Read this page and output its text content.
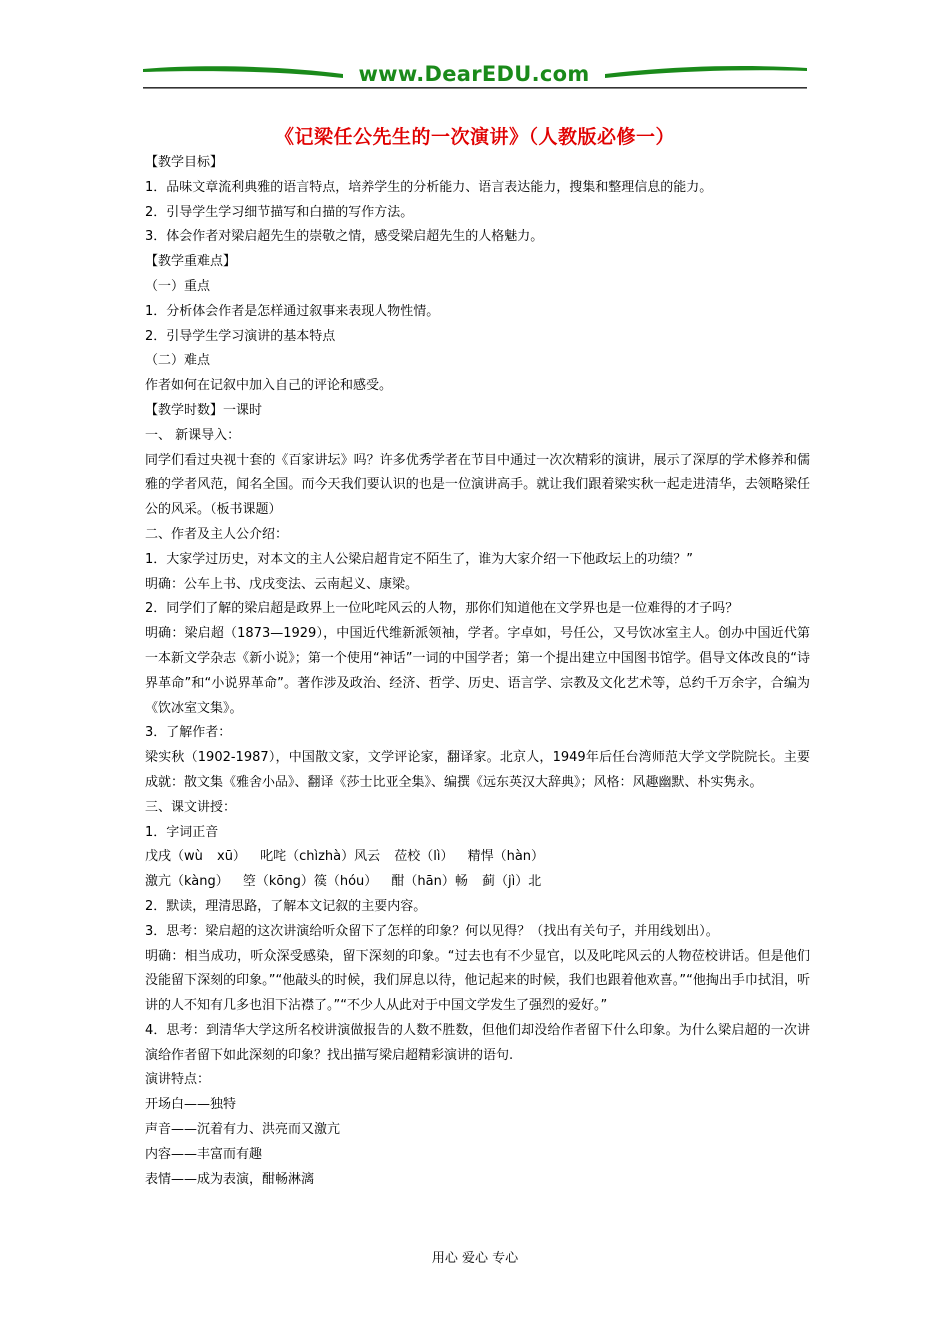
www.DearEDU.com
《记梁任公先生的一次演讲》（人教版必修一）

【教学目标】

1．品味文章流利典雅的语言特点，培养学生的分析能力、语言表达能力，搜集和整理信息的能力。

2．引导学生学习细节描写和白描的写作方法。

3．体会作者对梁启超先生的崇敬之情，感受梁启超先生的人格魅力。

【教学重难点】

（一）重点

1．分析体会作者是怎样通过叙事来表现人物性情。

2．引导学生学习演讲的基本特点

（二）难点

作者如何在记叙中加入自己的评论和感受。

【教学时数】一课时

一、 新课导入：

同学们看过央视十套的《百家讲坛》吗？许多优秀学者在节目中通过一次次精彩的演讲，展示了深厚的学术修养和儒雅的学者风范，闻名全国。而今天我们要认识的也是一位演讲高手。就让我们跟着梁实秋一起走进清华，去领略梁任公的风采。（板书课题）

二、作者及主人公介绍：

1．大家学过历史，对本文的主人公梁启超肯定不陌生了，谁为大家介绍一下他政坛上的功绩？”

明确：公车上书、戊戌变法、云南起义、康梁。

2．同学们了解的梁启超是政界上一位叱咤风云的人物，那你们知道他在文学界也是一位难得的才子吗？

明确：梁启超（1873—1929），中国近代维新派领袖，学者。字卓如，号任公，又号饮冰室主人。创办中国近代第一本新文学杂志《新小说》；第一个使用“神话”一词的中国学者；第一个提出建立中国图书馆学。倡导文体改良的“诗界革命”和“小说界革命”。著作涉及政治、经济、哲学、历史、语言学、宗教及文化艺术等，总约千万余字，合编为《饮冰室文集》。

3．了解作者：

梁实秋（1902-1987），中国散文家，文学评论家，翻译家。北京人，1949年后任台湾师范大学文学院院长。主要成就：散文集《雅舍小品》、翻译《莎士比亚全集》、编撰《远东英汉大辞典》；风格：风趣幽默、朴实隽永。

三、课文讲授：

1．字词正音

戊戌（wù xū） 叱咤（chìzhà）风云 莅校（lì） 精悍（hàn）

激亢（kàng） 箜（kōng）篌（hóu） 酣（hān）畅 蓟（jì）北

2．默读，理清思路，了解本文记叙的主要内容。

3．思考：梁启超的这次讲演给听众留下了怎样的印象？何以见得？（找出有关句子，并用线划出）。

明确：相当成功，听众深受感染，留下深刻的印象。“过去也有不少显官，以及叱咤风云的人物莅校讲话。但是他们没能留下深刻的印象。”“他敲头的时候，我们屏息以待，他记起来的时候，我们也跟着他欢喜。”“他掏出手巾拭泪，听讲的人不知有几多也泪下沾襟了。”“不少人从此对于中国文学发生了强烈的爱好。”

4．思考：到清华大学这所名校讲演做报告的人数不胜数，但他们却没给作者留下什么印象。为什么梁启超的一次讲演给作者留下如此深刻的印象？找出描写梁启超精彩演讲的语句.

演讲特点：

开场白——独特

声音——沉着有力、洪亮而又激亢

内容——丰富而有趣

表情——成为表演，酣畅淋漓

用心 爱心 专心
